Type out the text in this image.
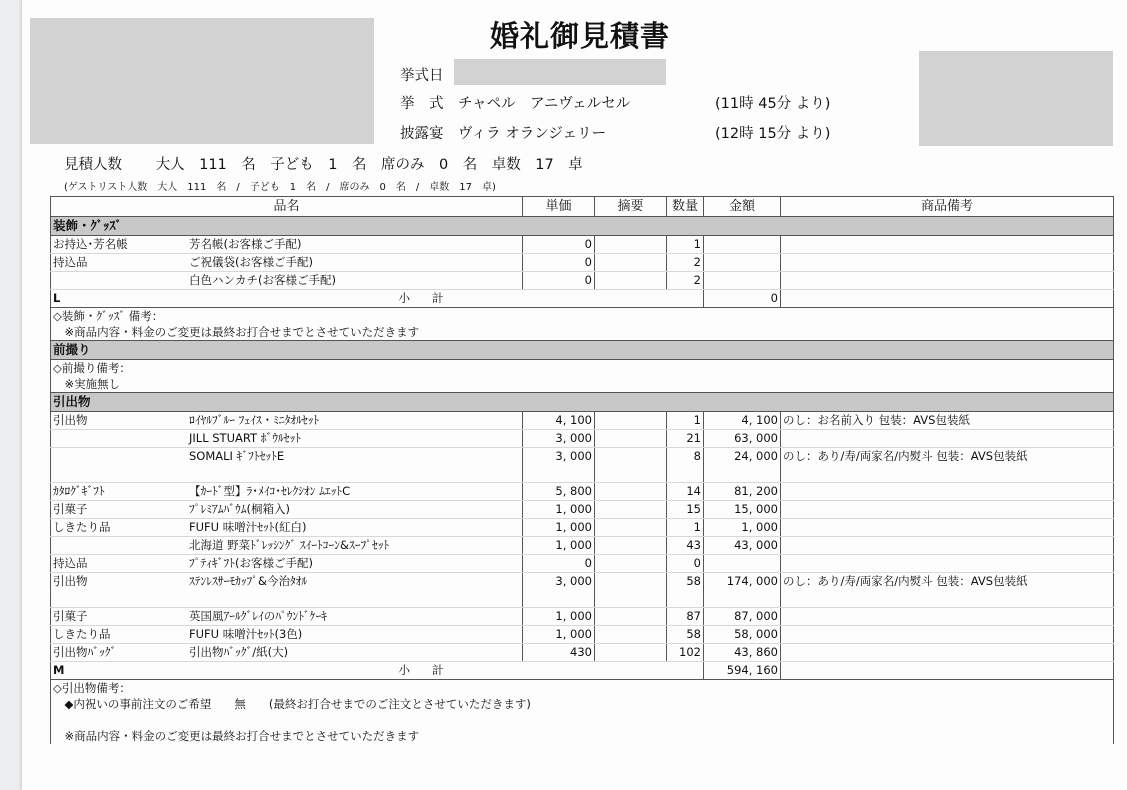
婚礼御見積書
挙式日
挙　式　チャペル　アニヴェルセル	(11時 45分 より)
披露宴　ヴィラ オランジェリー	(12時 15分 より)
見積人数　　 大人　111　名　子ども　1　名　席のみ　0　名　卓数　17　卓
(ゲストリスト人数　大人　111　名　/　子ども　1　名　/　席のみ　0　名　/　卓数　17　卓)
品名	単価	摘要	数量	金額	商品備考
装飾・ｸﾞｯｽﾞ					
お持込･芳名帳 芳名帳(お客様ご手配)	0		1		
持込品 ご祝儀袋(お客様ご手配)	0		2		
白色ハンカチ(お客様ご手配)	0		2		

L 小計				0	
◇装飾・ｸﾞｯｽﾞ 備考：					
　※商品内容・料金のご変更は最終お打合せまでとさせていただきます					
前撮り					
◇前撮り備考：					
　※実施無し					
引出物					
引出物 ﾛｲﾔﾙﾌﾞﾙｰ ﾌｪｲｽ・ﾐﾆﾀｵﾙｾｯﾄ	4, 100		1	4, 100	のし：お名前入り 包装：AVS包装紙
JILL STUART ﾎﾞｳﾙｾｯﾄ	3, 000		21	63, 000	
SOMALI ｷﾞﾌﾄｾｯﾄE	3, 000		8	24, 000	のし：あり/寿/両家名/内熨斗 包装：AVS包装紙
ｶﾀﾛｸﾞｷﾞﾌﾄ 【ｶｰﾄﾞ型】ﾗ･ﾒｲｺ･ｾﾚｸｼｵﾝ ﾑｴｯﾄC	5, 800		14	81, 200	
引菓子 ﾌﾟﾚﾐｱﾑﾊﾞｳﾑ(桐箱入)	1, 000		15	15, 000	
しきたり品 FUFU 味噌汁ｾｯﾄ(紅白)	1, 000		1	1, 000	
北海道 野菜ﾄﾞﾚｯｼﾝｸﾞ ｽｲｰﾄｺｰﾝ&ｽｰﾌﾟｾｯﾄ	1, 000		43	43, 000	
持込品 ﾌﾟﾃｨｷﾞﾌﾄ(お客様ご手配)	0		0		
引出物 ｽﾃﾝﾚｽｻｰﾓｶｯﾌﾟ&今治ﾀｵﾙ	3, 000		58	174, 000	のし：あり/寿/両家名/内熨斗 包装：AVS包装紙
引菓子 英国風ｱｰﾙｸﾞﾚｲのﾊﾟｳﾝﾄﾞｹｰｷ	1, 000		87	87, 000	
しきたり品 FUFU 味噌汁ｾｯﾄ(3色)	1, 000		58	58, 000	
引出物ﾊﾞｯｸﾞ 引出物ﾊﾞｯｸﾞ/紙(大)	430		102	43, 860	

M 小計				594, 160	
◇引出物備考：					
　◆内祝いの事前注文のご希望　　無　　(最終お打合せまでのご注文とさせていただきます)					

　※商品内容・料金のご変更は最終お打合せまでとさせていただきます					
